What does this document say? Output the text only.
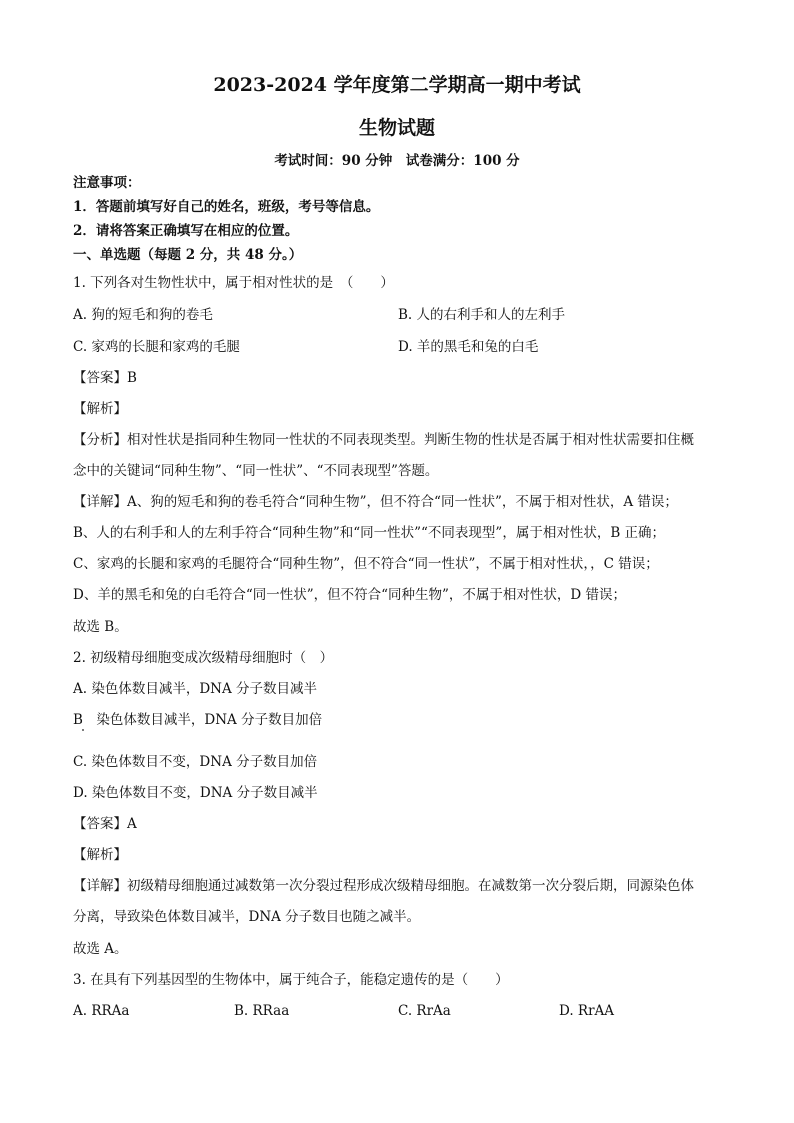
2023-2024 学年度第二学期高一期中考试
生物试题
考试时间：90 分钟　试卷满分：100 分
注意事项：
1．答题前填写好自己的姓名，班级，考号等信息。
2．请将答案正确填写在相应的位置。
一、单选题（每题 2 分，共 48 分。）
1. 下列各对生物性状中，属于相对性状的是　（　　）
A. 狗的短毛和狗的卷毛	B. 人的右利手和人的左利手
C. 家鸡的长腿和家鸡的毛腿	D. 羊的黑毛和兔的白毛
【答案】B
【解析】
【分析】相对性状是指同种生物同一性状的不同表现类型。判断生物的性状是否属于相对性状需要扣住概
念中的关键词“同种生物”、“同一性状”、“不同表现型”答题。
【详解】A、狗的短毛和狗的卷毛符合“同种生物”，但不符合“同一性状”，不属于相对性状，A 错误；
B、人的右利手和人的左利手符合“同种生物”和“同一性状”“不同表现型”，属于相对性状，B 正确；
C、家鸡的长腿和家鸡的毛腿符合“同种生物”，但不符合“同一性状”，不属于相对性状，，C 错误；
D、羊的黑毛和兔的白毛符合“同一性状”，但不符合“同种生物”，不属于相对性状，D 错误；
故选 B。
2. 初级精母细胞变成次级精母细胞时（　）
A. 染色体数目减半，DNA 分子数目减半
B　染色体数目减半，DNA 分子数目加倍
C. 染色体数目不变，DNA 分子数目加倍
D. 染色体数目不变，DNA 分子数目减半
【答案】A
【解析】
【详解】初级精母细胞通过减数第一次分裂过程形成次级精母细胞。在减数第一次分裂后期，同源染色体
分离，导致染色体数目减半，DNA 分子数目也随之减半。
故选 A。
3. 在具有下列基因型的生物体中，属于纯合子，能稳定遗传的是（　　）
A. RRAa	B. RRaa	C. RrAa	D. RrAA
